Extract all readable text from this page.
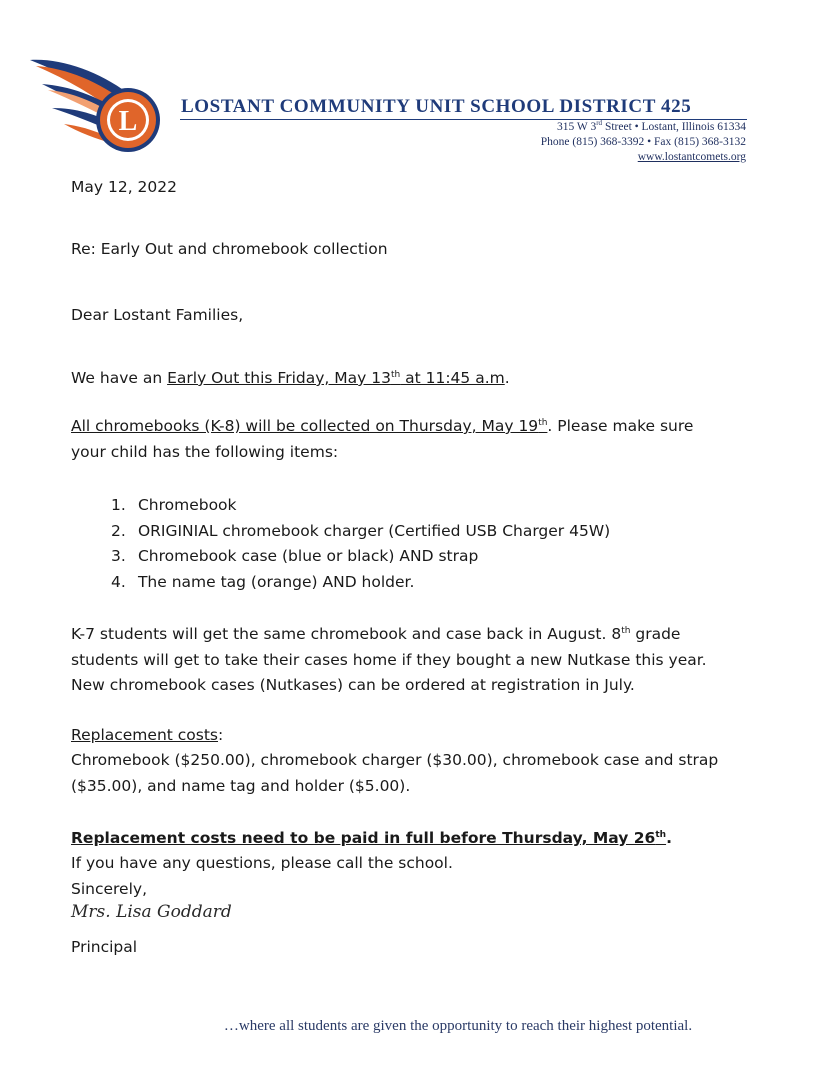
L LOSTANT COMMUNITY UNIT SCHOOL DISTRICT 425
315 W 3rd Street • Lostant, Illinois 61334
Phone (815) 368-3392 • Fax (815) 368-3132
www.lostantcomets.org
May 12, 2022
Re: Early Out and chromebook collection
Dear Lostant Families,
We have an Early Out this Friday, May 13th at 11:45 a.m.
All chromebooks (K-8) will be collected on Thursday, May 19th. Please make sure
your child has the following items:
1. Chromebook
2. ORIGINIAL chromebook charger (Certified USB Charger 45W)
3. Chromebook case (blue or black) AND strap
4. The name tag (orange) AND holder.
K-7 students will get the same chromebook and case back in August. 8th grade
students will get to take their cases home if they bought a new Nutkase this year.
New chromebook cases (Nutkases) can be ordered at registration in July.
Replacement costs:
Chromebook ($250.00), chromebook charger ($30.00), chromebook case and strap
($35.00), and name tag and holder ($5.00).
Replacement costs need to be paid in full before Thursday, May 26th.
If you have any questions, please call the school.
Sincerely,
Mrs. Lisa Goddard
Principal
…where all students are given the opportunity to reach their highest potential.
